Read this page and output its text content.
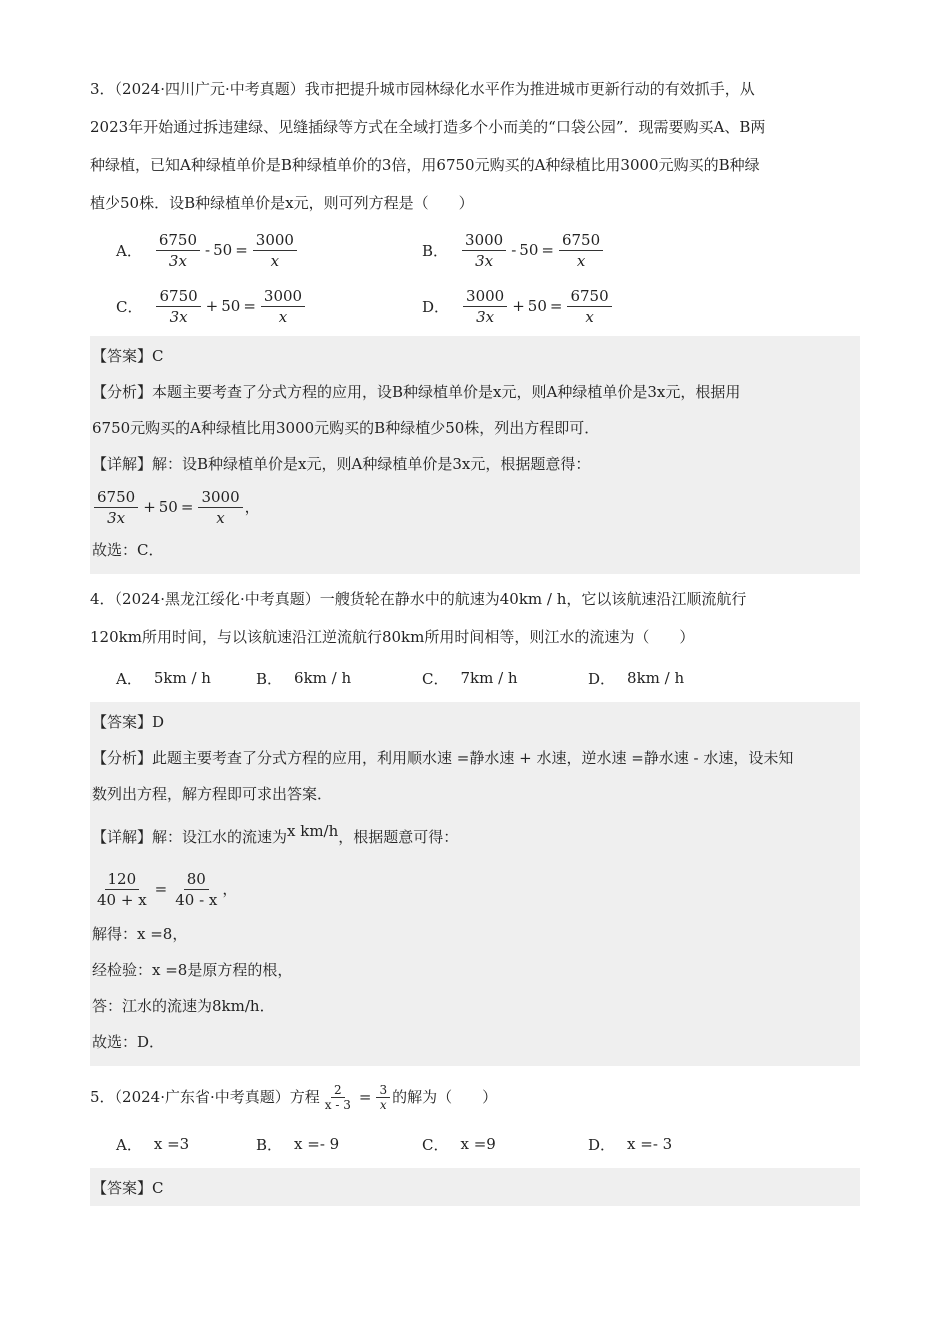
3．（2024·四川广元·中考真题）我市把提升城市园林绿化水平作为推进城市更新行动的有效抓手，从
2023年开始通过拆违建绿、见缝插绿等方式在全域打造多个小而美的“口袋公园”．现需要购买A、B两
种绿植，已知A种绿植单价是B种绿植单价的3倍，用6750元购买的A种绿植比用3000元购买的B种绿
植少50株．设B种绿植单价是x元，则可列方程是（　　）
A． $\frac{6750}{3x} - 50 = \frac{3000}{x}$	B． $\frac{3000}{3x} - 50 = \frac{6750}{x}$
C． $\frac{6750}{3x} + 50 = \frac{3000}{x}$	D． $\frac{3000}{3x} + 50 = \frac{6750}{x}$
【答案】C
【分析】本题主要考查了分式方程的应用，设B种绿植单价是x元，则A种绿植单价是3x元，根据用
6750元购买的A种绿植比用3000元购买的B种绿植少50株，列出方程即可．
【详解】解：设B种绿植单价是x元，则A种绿植单价是3x元，根据题意得：
$\frac{6750}{3x} + 50 = \frac{3000}{x}$ ，
故选：C．
4．（2024·黑龙江绥化·中考真题）一艘货轮在静水中的航速为40km / h，它以该航速沿江顺流航行
120km所用时间，与以该航速沿江逆流航行80km所用时间相等，则江水的流速为（　　）
A． 5km / h	B． 6km / h	C． 7km / h	D． 8km / h
【答案】D
【分析】此题主要考查了分式方程的应用，利用顺水速 =静水速 + 水速，逆水速 =静水速 - 水速，设未知
数列出方程，解方程即可求出答案．
【详解】解：设江水的流速为 x km/h ，根据题意可得：
$\frac{120}{40 + x} = \frac{80}{40 - x}$ ，
解得：x =8，
经检验：x =8是原方程的根，
答：江水的流速为8km/h．
故选：D．
5．（2024·广东省·中考真题）方程 $\frac{2}{x - 3} = \frac{3}{x}$ 的解为（　　）
A． x =3	B． x =- 9	C． x =9	D． x =- 3
【答案】C
